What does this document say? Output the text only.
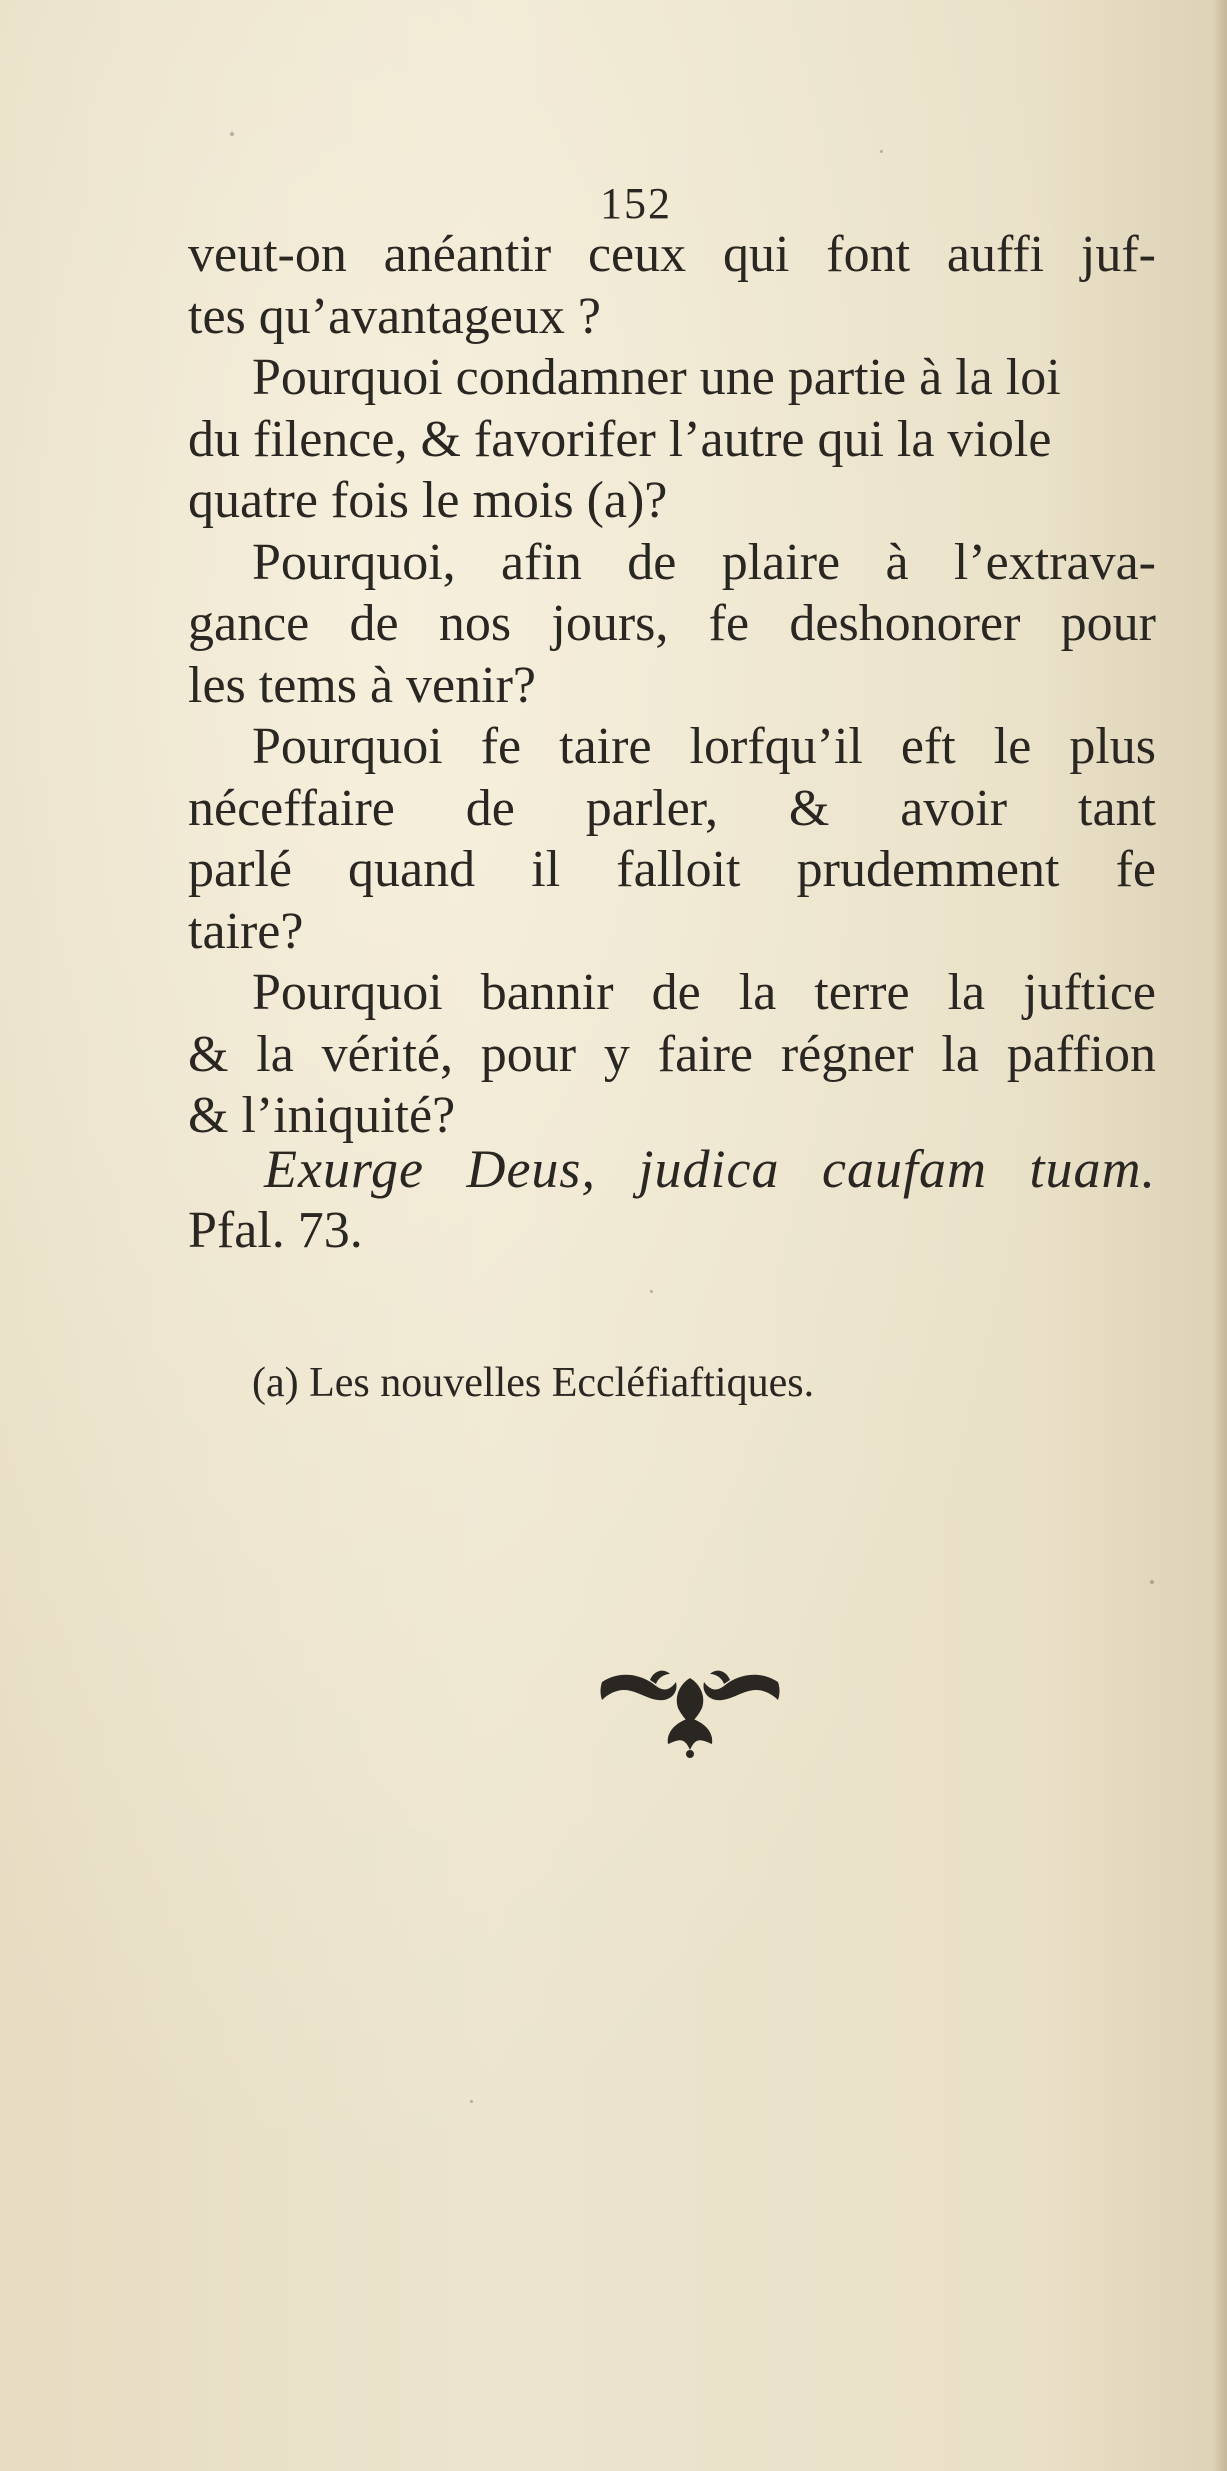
152
veut-on anéantir ceux qui font auffi juf-
tes qu’avantageux ?
Pourquoi condamner une partie à la loi
du filence, & favorifer l’autre qui la viole
quatre fois le mois (a)?
Pourquoi, afin de plaire à l’extrava-
gance de nos jours, fe deshonorer pour
les tems à venir?
Pourquoi fe taire lorfqu’il eft le plus
néceffaire de parler, & avoir tant
parlé quand il falloit prudemment fe
taire?
Pourquoi bannir de la terre la juftice
& la vérité, pour y faire régner la paffion
& l’iniquité?
Exurge Deus, judica caufam tuam.
Pfal. 73.
(a) Les nouvelles Eccléfiaftiques.
